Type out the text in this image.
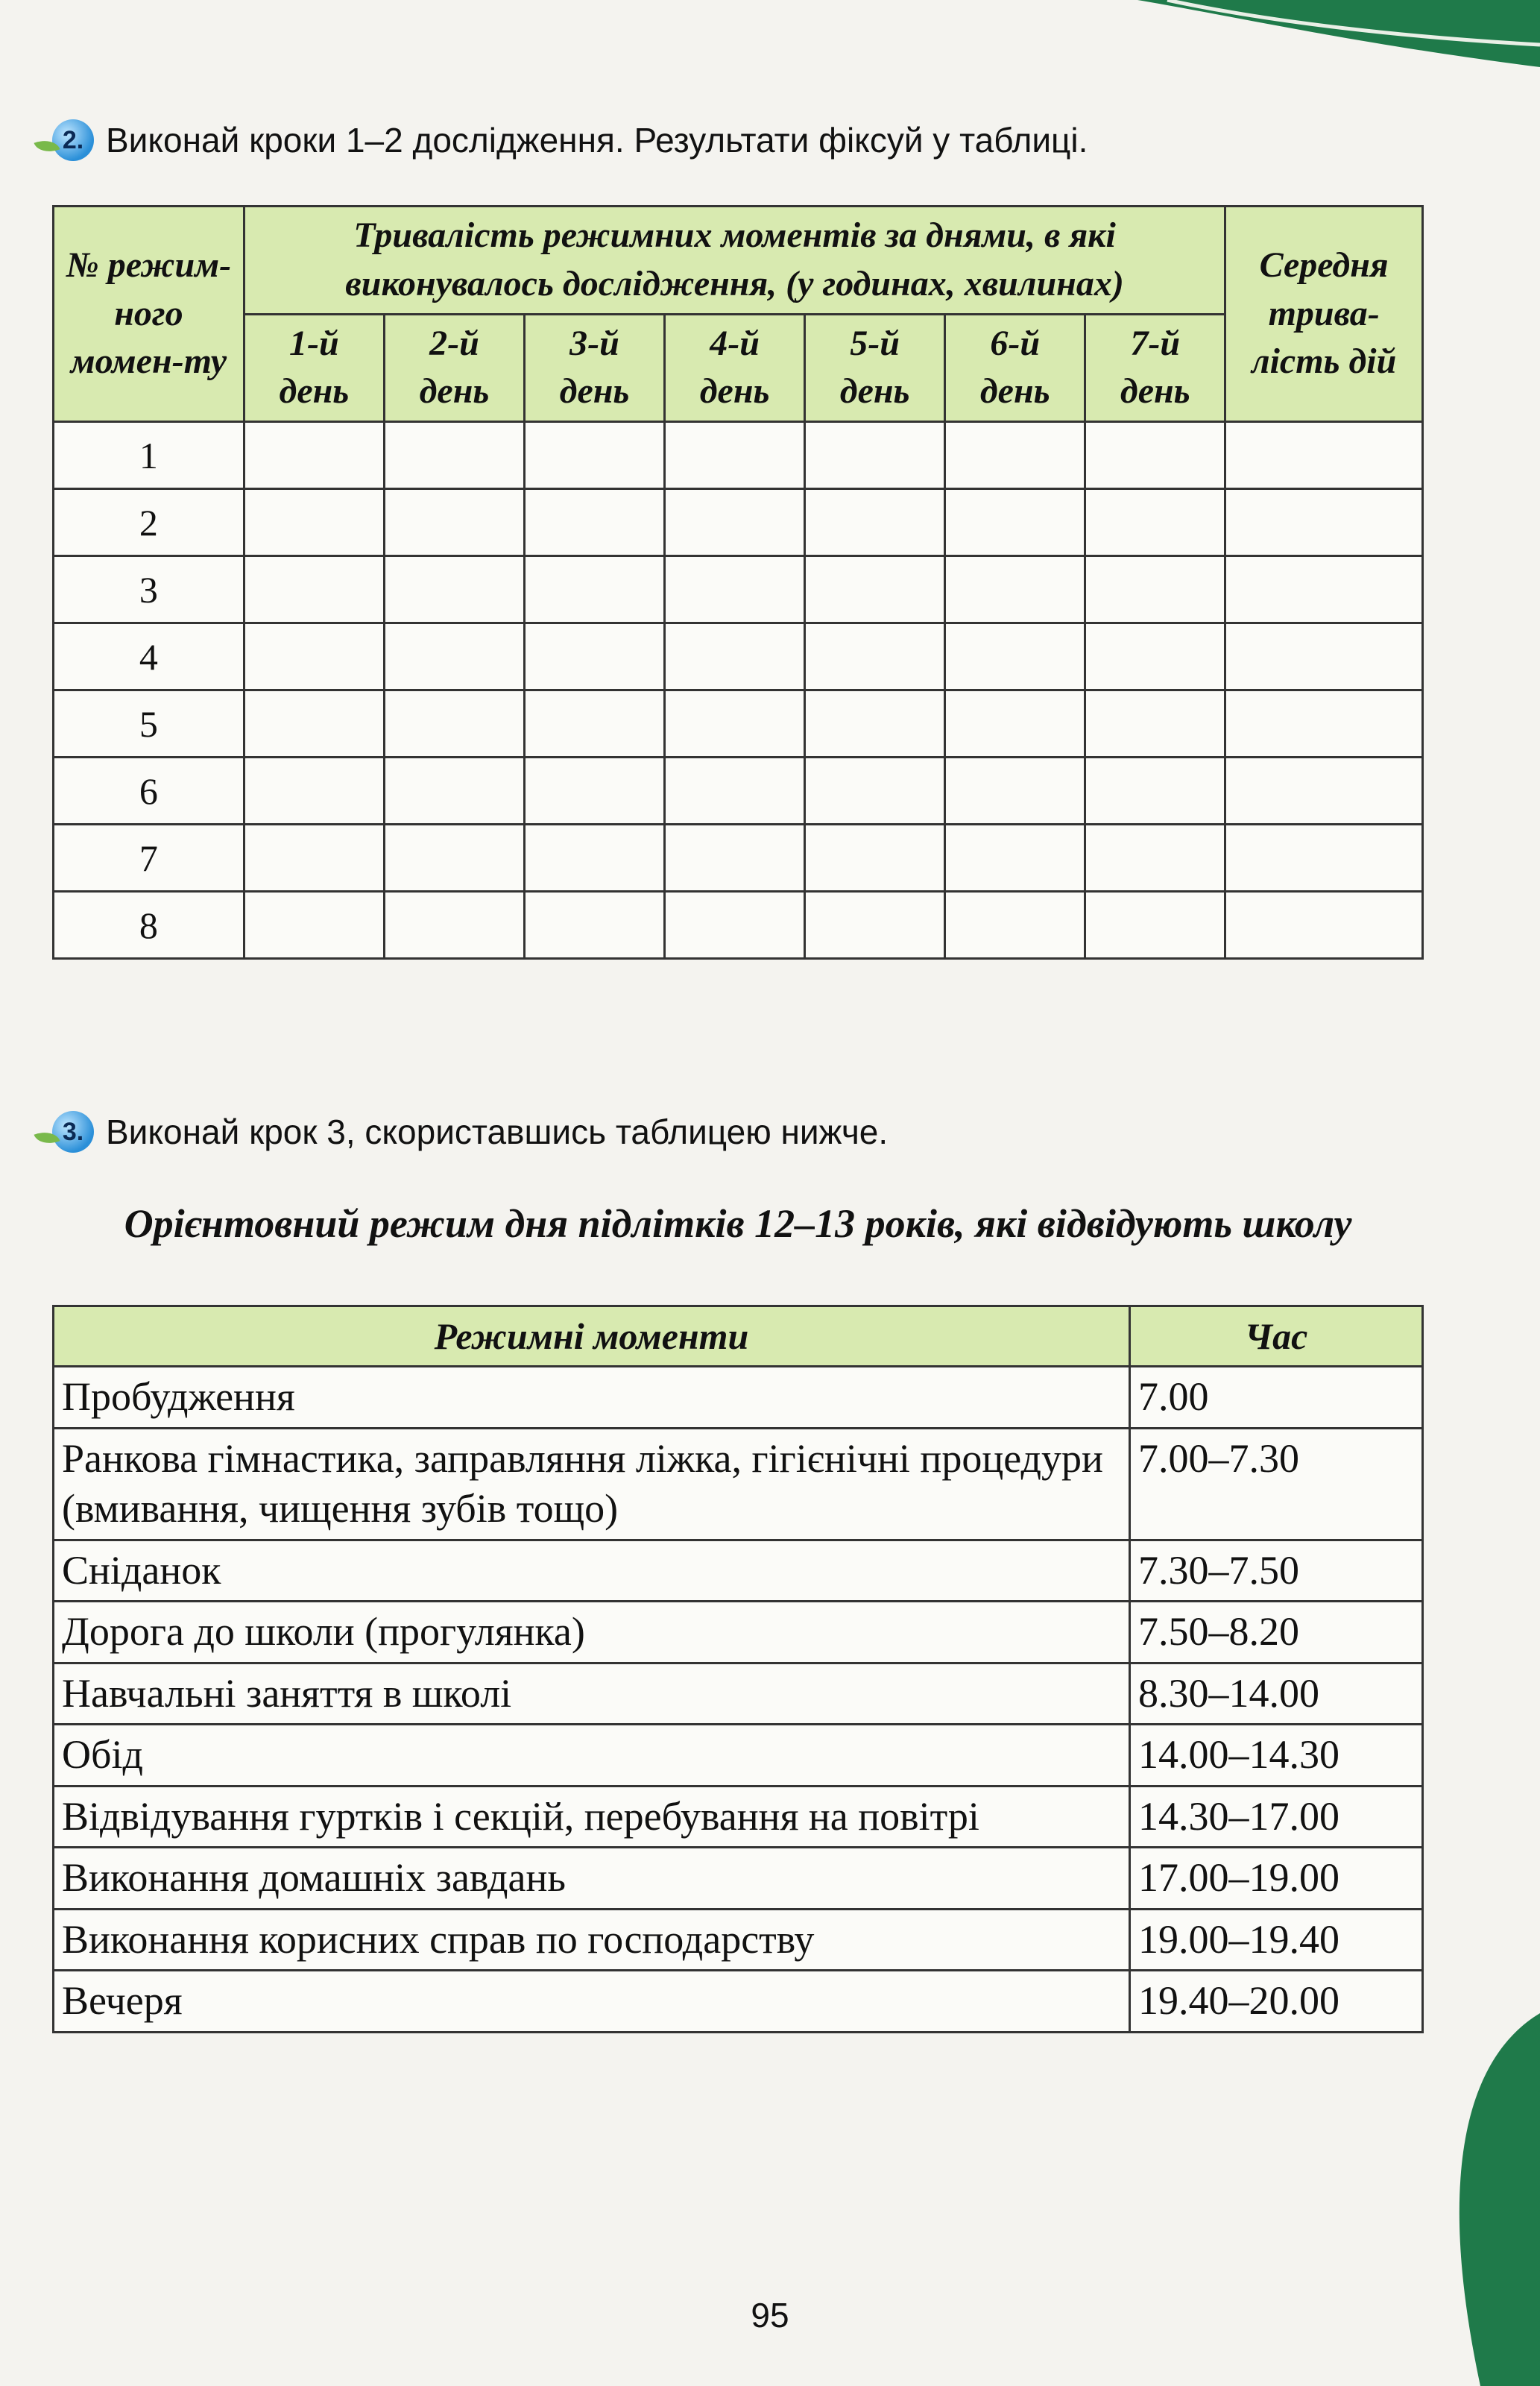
2. Виконай кроки 1–2 дослідження. Результати фіксуй у таблиці.
№ режим-ного момен-ту	Тривалість режимних моментів за днями, в які виконувалось дослідження, (у годинах, хвилинах)							Середня трива-лість дій
	1-й день	2-й день	3-й день	4-й день	5-й день	6-й день	7-й день	
1								
2								
3								
4								
5								
6								
7								
8								
3. Виконай крок 3, скориставшись таблицею нижче.
Орієнтовний режим дня підлітків 12–13 років, які відвідують школу
Режимні моменти	Час
Пробудження	7.00
Ранкова гімнастика, заправляння ліжка, гігієнічні процедури (вмивання, чищення зубів тощо)	7.00–7.30
Сніданок	7.30–7.50
Дорога до школи (прогулянка)	7.50–8.20
Навчальні заняття в школі	8.30–14.00
Обід	14.00–14.30
Відвідування гуртків і секцій, перебування на повітрі	14.30–17.00
Виконання домашніх завдань	17.00–19.00
Виконання корисних справ по господарству	19.00–19.40
Вечеря	19.40–20.00
95
